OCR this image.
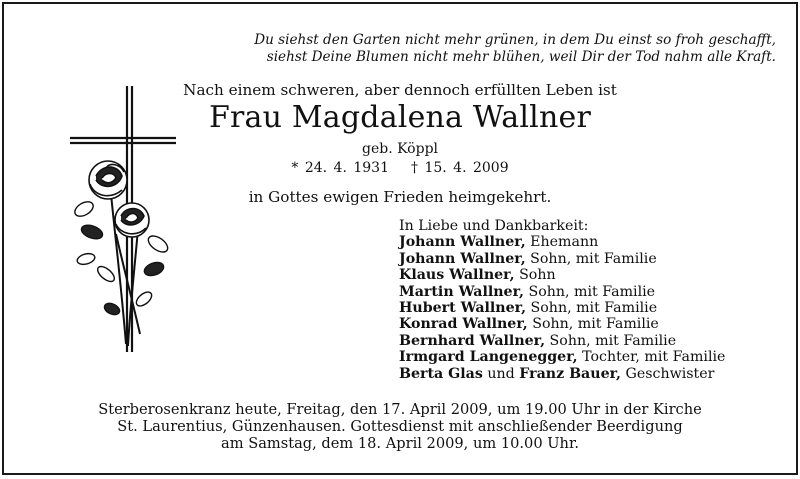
Du siehst den Garten nicht mehr grünen, in dem Du einst so froh geschafft,
siehst Deine Blumen nicht mehr blühen, weil Dir der Tod nahm alle Kraft.
Nach einem schweren, aber dennoch erfüllten Leben ist
Frau Magdalena Wallner
geb. Köppl
* 24. 4. 1931 † 15. 4. 2009
in Gottes ewigen Frieden heimgekehrt.
In Liebe und Dankbarkeit:
Johann Wallner, Ehemann
Johann Wallner, Sohn, mit Familie
Klaus Wallner, Sohn
Martin Wallner, Sohn, mit Familie
Hubert Wallner, Sohn, mit Familie
Konrad Wallner, Sohn, mit Familie
Bernhard Wallner, Sohn, mit Familie
Irmgard Langenegger, Tochter, mit Familie
Berta Glas und Franz Bauer, Geschwister
Sterberosenkranz heute, Freitag, den 17. April 2009, um 19.00 Uhr in der Kirche
St. Laurentius, Günzenhausen. Gottesdienst mit anschließender Beerdigung
am Samstag, dem 18. April 2009, um 10.00 Uhr.
